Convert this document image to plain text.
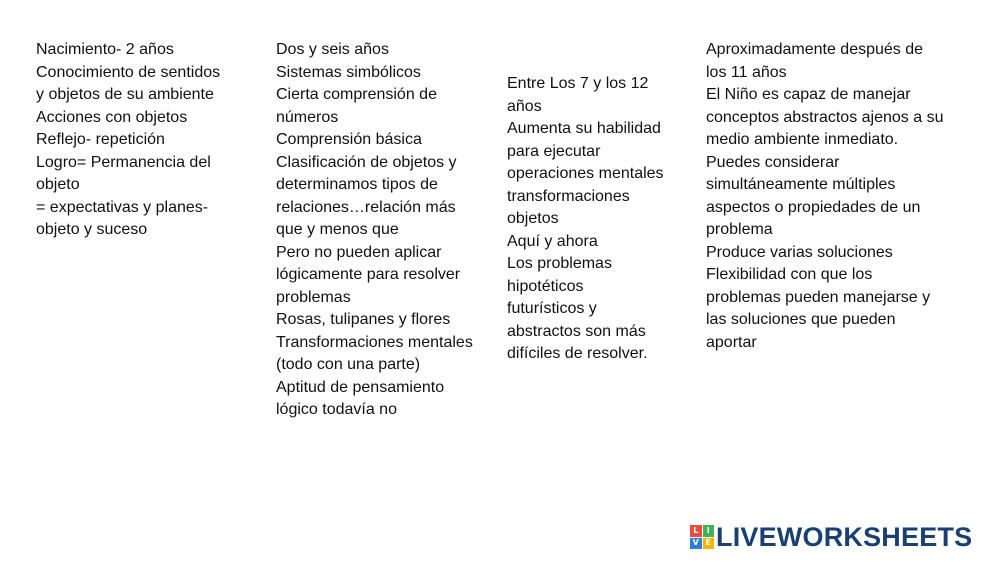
Nacimiento- 2 años
Conocimiento de sentidos
y objetos de su ambiente
Acciones con objetos
Reflejo- repetición
Logro= Permanencia del
objeto
= expectativas y planes-
objeto y suceso
Dos y seis años
Sistemas simbólicos
Cierta comprensión de
números
Comprensión básica
Clasificación de objetos y
determinamos tipos de
relaciones…relación más
que y menos que
Pero no pueden aplicar
lógicamente para resolver
problemas
Rosas, tulipanes y flores
Transformaciones mentales
(todo con una parte)
Aptitud de pensamiento
lógico todavía no
Entre Los 7 y los 12
años
Aumenta su habilidad
para ejecutar
operaciones mentales
transformaciones
objetos
Aquí y ahora
Los problemas
hipotéticos
futurísticos y
abstractos son más
difíciles de resolver.
Aproximadamente después de
los 11 años
El Niño es capaz de manejar
conceptos abstractos ajenos a su
medio ambiente inmediato.
Puedes considerar
simultáneamente múltiples
aspectos o propiedades de un
problema
Produce varias soluciones
Flexibilidad con que los
problemas pueden manejarse y
las soluciones que pueden
aportar
L	I
V E LIVEWORKSHEETS
